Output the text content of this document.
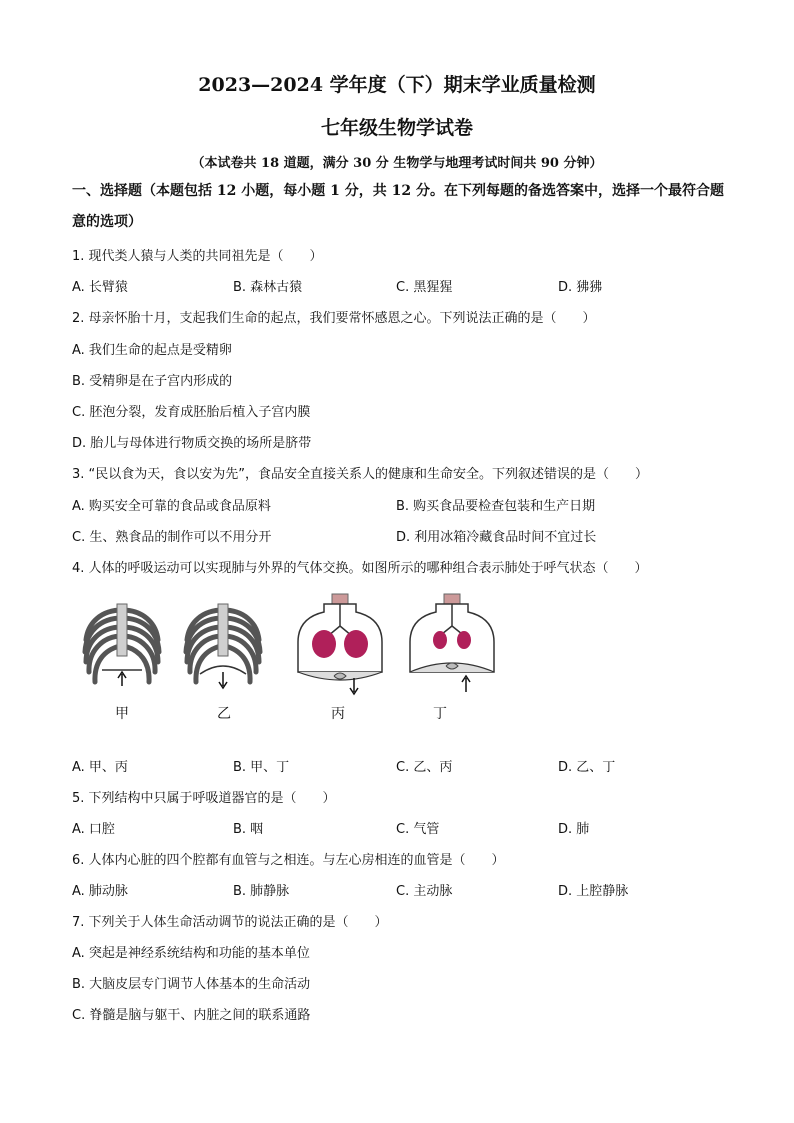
2023—2024 学年度（下）期末学业质量检测
七年级生物学试卷
（本试卷共 18 道题，满分 30 分 生物学与地理考试时间共 90 分钟）
一、选择题（本题包括 12 小题，每小题 1 分，共 12 分。在下列每题的备选答案中，选择一个最符合题意的选项）
1. 现代类人猿与人类的共同祖先是（　　）
A. 长臂猿	B. 森林古猿	C. 黑猩猩	D. 狒狒
2. 母亲怀胎十月，支起我们生命的起点，我们要常怀感恩之心。下列说法正确的是（　　）
A. 我们生命的起点是受精卵
B. 受精卵是在子宫内形成的
C. 胚泡分裂，发育成胚胎后植入子宫内膜
D. 胎儿与母体进行物质交换的场所是脐带
3. “民以食为天，食以安为先”，食品安全直接关系人的健康和生命安全。下列叙述错误的是（　　）
A. 购买安全可靠的食品或食品原料	B. 购买食品要检查包装和生产日期
C. 生、熟食品的制作可以不用分开	D. 利用冰箱冷藏食品时间不宜过长
4. 人体的呼吸运动可以实现肺与外界的气体交换。如图所示的哪种组合表示肺处于呼气状态（　　）
甲	乙	丙	丁
A. 甲、丙	B. 甲、丁	C. 乙、丙	D. 乙、丁
5. 下列结构中只属于呼吸道器官的是（　　）
A. 口腔	B. 咽	C. 气管	D. 肺
6. 人体内心脏的四个腔都有血管与之相连。与左心房相连的血管是（　　）
A. 肺动脉	B. 肺静脉	C. 主动脉	D. 上腔静脉
7. 下列关于人体生命活动调节的说法正确的是（　　）
A. 突起是神经系统结构和功能的基本单位
B. 大脑皮层专门调节人体基本的生命活动
C. 脊髓是脑与躯干、内脏之间的联系通路
